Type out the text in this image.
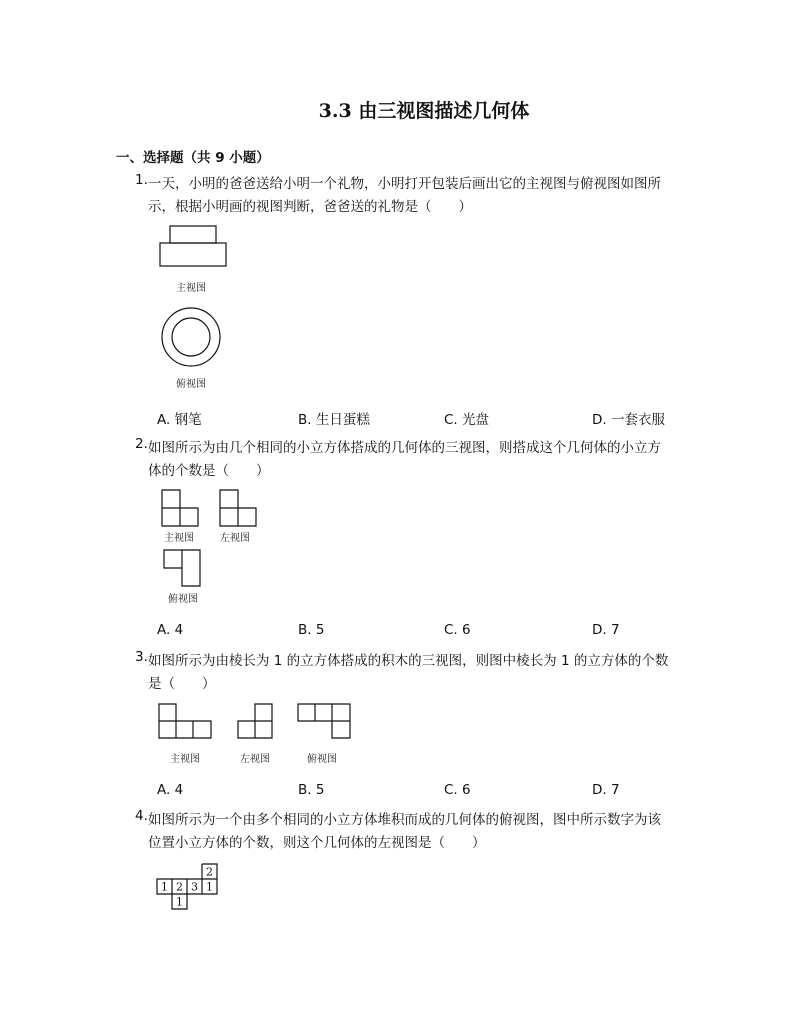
3.3 由三视图描述几何体
一、选择题（共 9 小题）
1. 一天，小明的爸爸送给小明一个礼物，小明打开包装后画出它的主视图与俯视图如图所
示，根据小明画的视图判断，爸爸送的礼物是（　　）
主视图
俯视图
A. 钢笔	B. 生日蛋糕	C. 光盘	D. 一套衣服
2. 如图所示为由几个相同的小立方体搭成的几何体的三视图，则搭成这个几何体的小立方
体的个数是（　　）
主视图	左视图
俯视图
A. 4	B. 5	C. 6	D. 7
3. 如图所示为由棱长为 1 的立方体搭成的积木的三视图，则图中棱长为 1 的立方体的个数
是（　　）
主视图	左视图	俯视图
A. 4	B. 5	C. 6	D. 7
4. 如图所示为一个由多个相同的小立方体堆积而成的几何体的俯视图，图中所示数字为该
位置小立方体的个数，则这个几何体的左视图是（　　）
2
1 2 3 1
1
